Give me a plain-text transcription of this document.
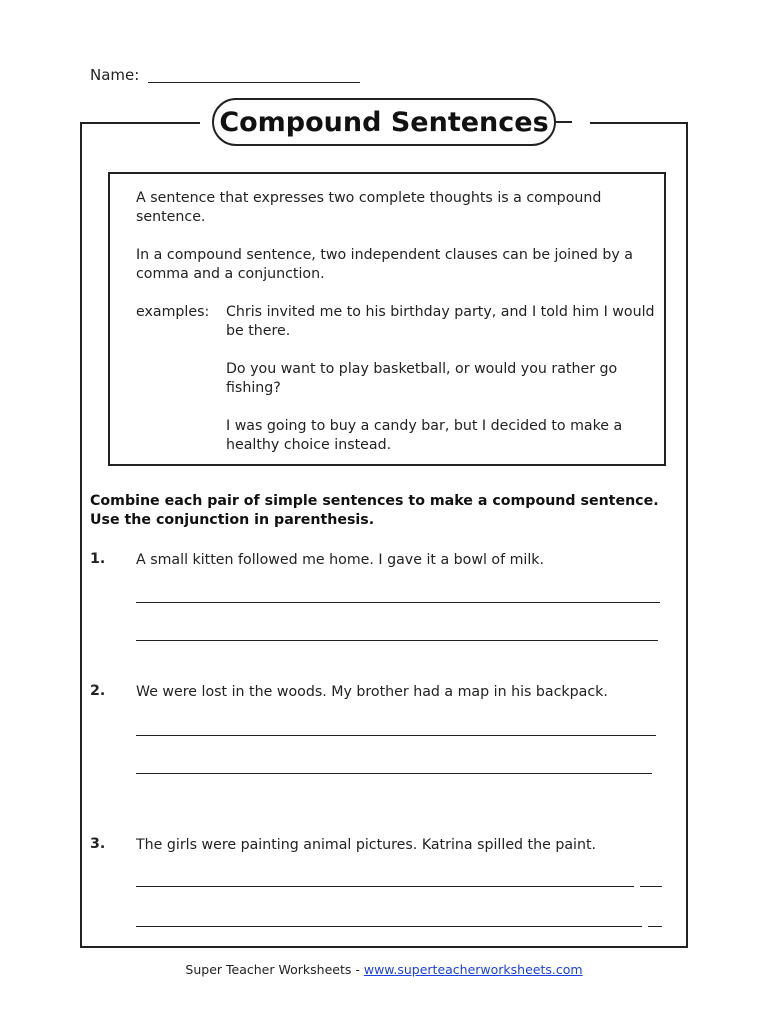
Name:
Compound Sentences
A sentence that expresses two complete thoughts is a compound sentence.
In a compound sentence, two independent clauses can be joined by a comma and a conjunction.
examples: Chris invited me to his birthday party, and I told him I would be there.
Do you want to play basketball, or would you rather go fishing?
I was going to buy a candy bar, but I decided to make a healthy choice instead.
Combine each pair of simple sentences to make a compound sentence. Use the conjunction in parenthesis.
1. A small kitten followed me home. I gave it a bowl of milk.
2. We were lost in the woods. My brother had a map in his backpack.
3. The girls were painting animal pictures. Katrina spilled the paint.
Super Teacher Worksheets - www.superteacherworksheets.com
